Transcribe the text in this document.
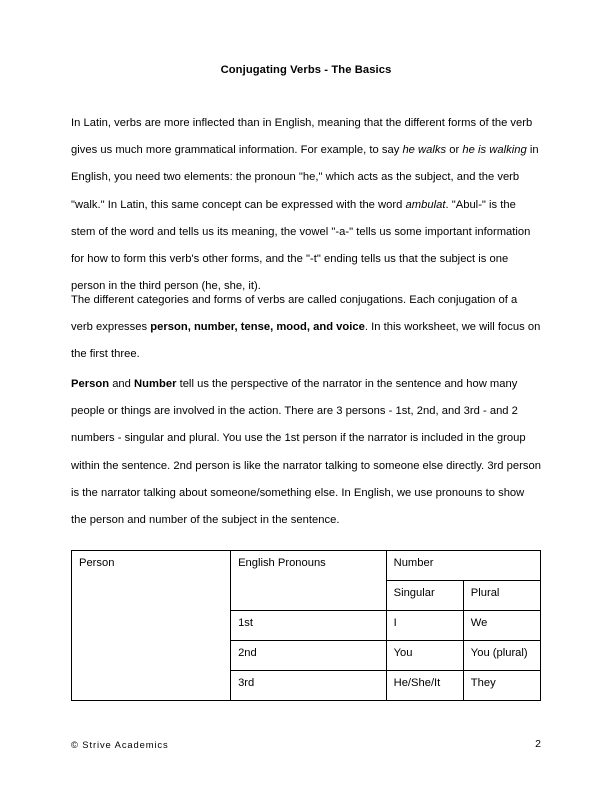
Conjugating Verbs - The Basics
In Latin, verbs are more inflected than in English, meaning that the different forms of the verb gives us much more grammatical information. For example, to say he walks or he is walking in English, you need two elements: the pronoun "he," which acts as the subject, and the verb "walk." In Latin, this same concept can be expressed with the word ambulat. "Abul-" is the stem of the word and tells us its meaning, the vowel "-a-" tells us some important information for how to form this verb's other forms, and the "-t" ending tells us that the subject is one person in the third person (he, she, it).
The different categories and forms of verbs are called conjugations. Each conjugation of a verb expresses person, number, tense, mood, and voice. In this worksheet, we will focus on the first three.
Person and Number tell us the perspective of the narrator in the sentence and how many people or things are involved in the action. There are 3 persons - 1st, 2nd, and 3rd - and 2 numbers - singular and plural. You use the 1st person if the narrator is included in the group within the sentence. 2nd person is like the narrator talking to someone else directly. 3rd person is the narrator talking about someone/something else. In English, we use pronouns to show the person and number of the subject in the sentence.
Person	English Pronouns	Number	
		Singular	Plural
	1st	I	We
	2nd	You	You (plural)
	3rd	He/She/It	They
© Strive Academics	2
